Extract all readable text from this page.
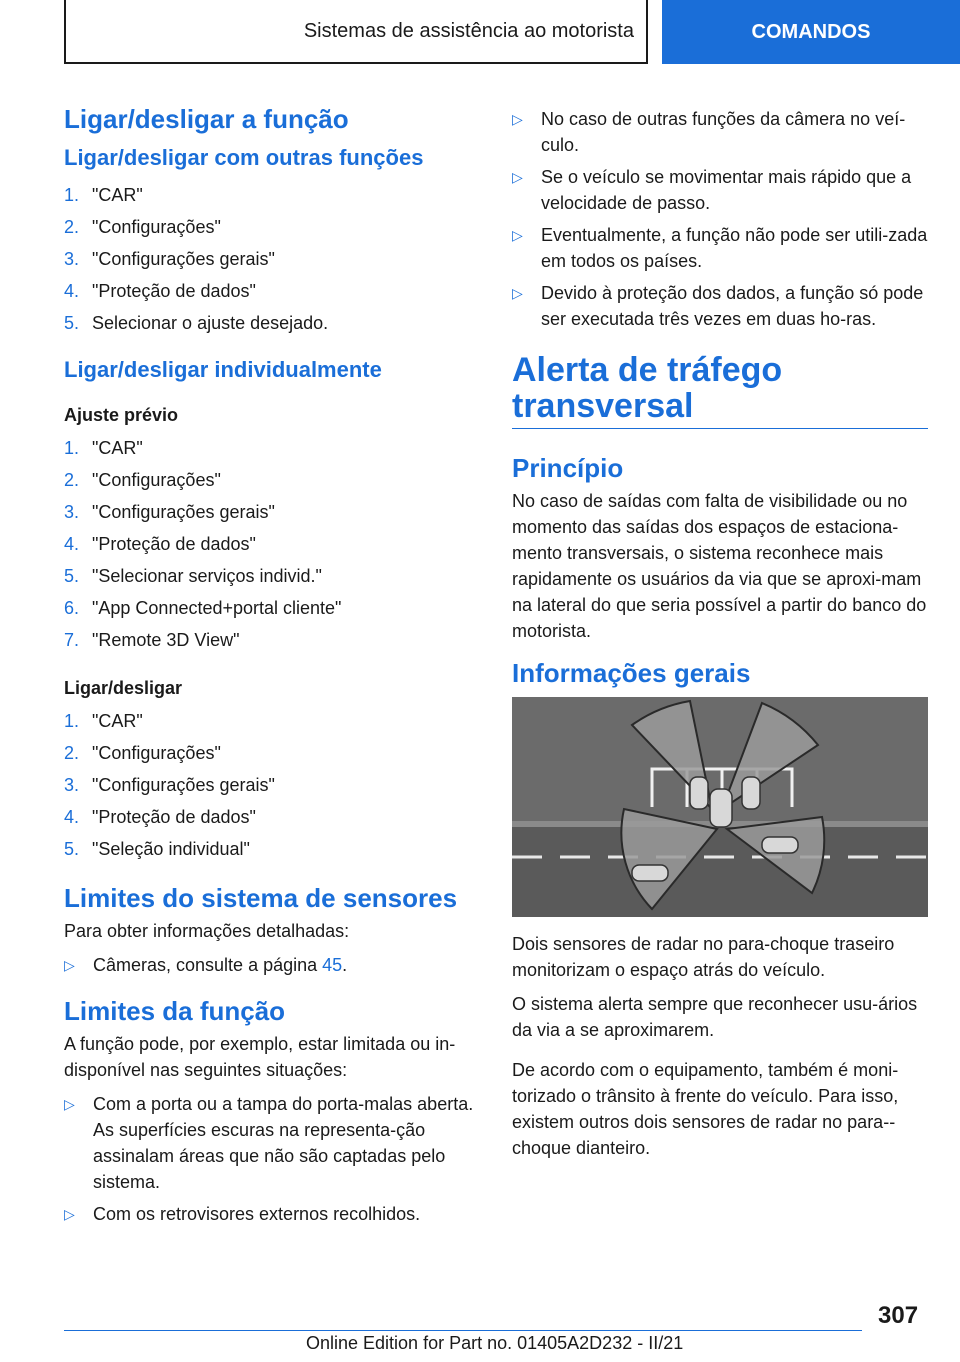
Sistemas de assistência ao motorista	COMANDOS
Ligar/desligar a função
Ligar/desligar com outras funções
1. "CAR"
2. "Configurações"
3. "Configurações gerais"
4. "Proteção de dados"
5. Selecionar o ajuste desejado.
Ligar/desligar individualmente
Ajuste prévio
1. "CAR"
2. "Configurações"
3. "Configurações gerais"
4. "Proteção de dados"
5. "Selecionar serviços individ."
6. "App Connected+portal cliente"
7. "Remote 3D View"
Ligar/desligar
1. "CAR"
2. "Configurações"
3. "Configurações gerais"
4. "Proteção de dados"
5. "Seleção individual"
Limites do sistema de sensores

Para obter informações detalhadas:

▷	Câmeras, consulte a página 45.
Limites da função

A função pode, por exemplo, estar limitada ou in-disponível nas seguintes situações:

▷	Com a porta ou a tampa do porta-malas aberta. As superfícies escuras na representa-ção assinalam áreas que não são captadas pelo sistema.
▷	Com os retrovisores externos recolhidos.
▷	No caso de outras funções da câmera no veí-culo.
▷	Se o veículo se movimentar mais rápido que a velocidade de passo.
▷	Eventualmente, a função não pode ser utili-zada em todos os países.
▷	Devido à proteção dos dados, a função só pode ser executada três vezes em duas ho-ras.
Alerta de tráfego
transversal
Princípio

No caso de saídas com falta de visibilidade ou no momento das saídas dos espaços de estaciona-mento transversais, o sistema reconhece mais rapidamente os usuários da via que se aproxi-mam na lateral do que seria possível a partir do banco do motorista.

Informações gerais

Dois sensores de radar no para-choque traseiro monitorizam o espaço atrás do veículo.

O sistema alerta sempre que reconhecer usu-ários da via a se aproximarem.

De acordo com o equipamento, também é moni-torizado o trânsito à frente do veículo. Para isso, existem outros dois sensores de radar no para--choque dianteiro.

307
Online Edition for Part no. 01405A2D232 - II/21
